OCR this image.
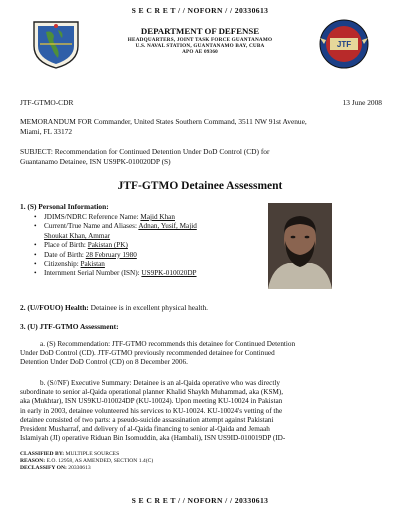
S E C R E T / / NOFORN / / 20330613
JTF
DEPARTMENT OF DEFENSE
HEADQUARTERS, JOINT TASK FORCE GUANTANAMO
U.S. NAVAL STATION, GUANTANAMO BAY, CUBA
APO AE 09360
JTF-GTMO-CDR	13 June 2008
MEMORANDUM FOR Commander, United States Southern Command, 3511 NW 91st Avenue,
Miami, FL 33172
SUBJECT: Recommendation for Continued Detention Under DoD Control (CD) for
Guantanamo Detainee, ISN US9PK-010020DP (S)
JTF-GTMO Detainee Assessment
1. (S) Personal Information:
• JDIMS/NDRC Reference Name: Majid Khan
• Current/True Name and Aliases: Adnan, Yusif, Majid
Shoukat Khan, Ammar
• Place of Birth: Pakistan (PK)
• Date of Birth: 28 February 1980
• Citizenship: Pakistan
• Internment Serial Number (ISN): US9PK-010020DP
2. (U//FOUO) Health: Detainee is in excellent physical health.
3. (U) JTF-GTMO Assessment:
a. (S) Recommendation: JTF-GTMO recommends this detainee for Continued Detention
Under DoD Control (CD). JTF-GTMO previously recommended detainee for Continued
Detention Under DoD Control (CD) on 8 December 2006.
b. (S//NF) Executive Summary: Detainee is an al-Qaida operative who was directly
subordinate to senior al-Qaida operational planner Khalid Shaykh Muhammad, aka (KSM),
aka (Mukhtar), ISN US9KU-010024DP (KU-10024). Upon meeting KU-10024 in Pakistan
in early in 2003, detainee volunteered his services to KU-10024. KU-10024's vetting of the
detainee consisted of two parts: a pseudo-suicide assassination attempt against Pakistani
President Musharraf, and delivery of al-Qaida financing to senior al-Qaida and Jemaah
Islamiyah (JI) operative Riduan Bin Isomuddin, aka (Hambali), ISN US9ID-010019DP (ID-
CLASSIFIED BY: MULTIPLE SOURCES
REASON: E.O. 12958, AS AMENDED, SECTION 1.4(C)
DECLASSIFY ON: 20330613
S E C R E T / / NOFORN / / 20330613
